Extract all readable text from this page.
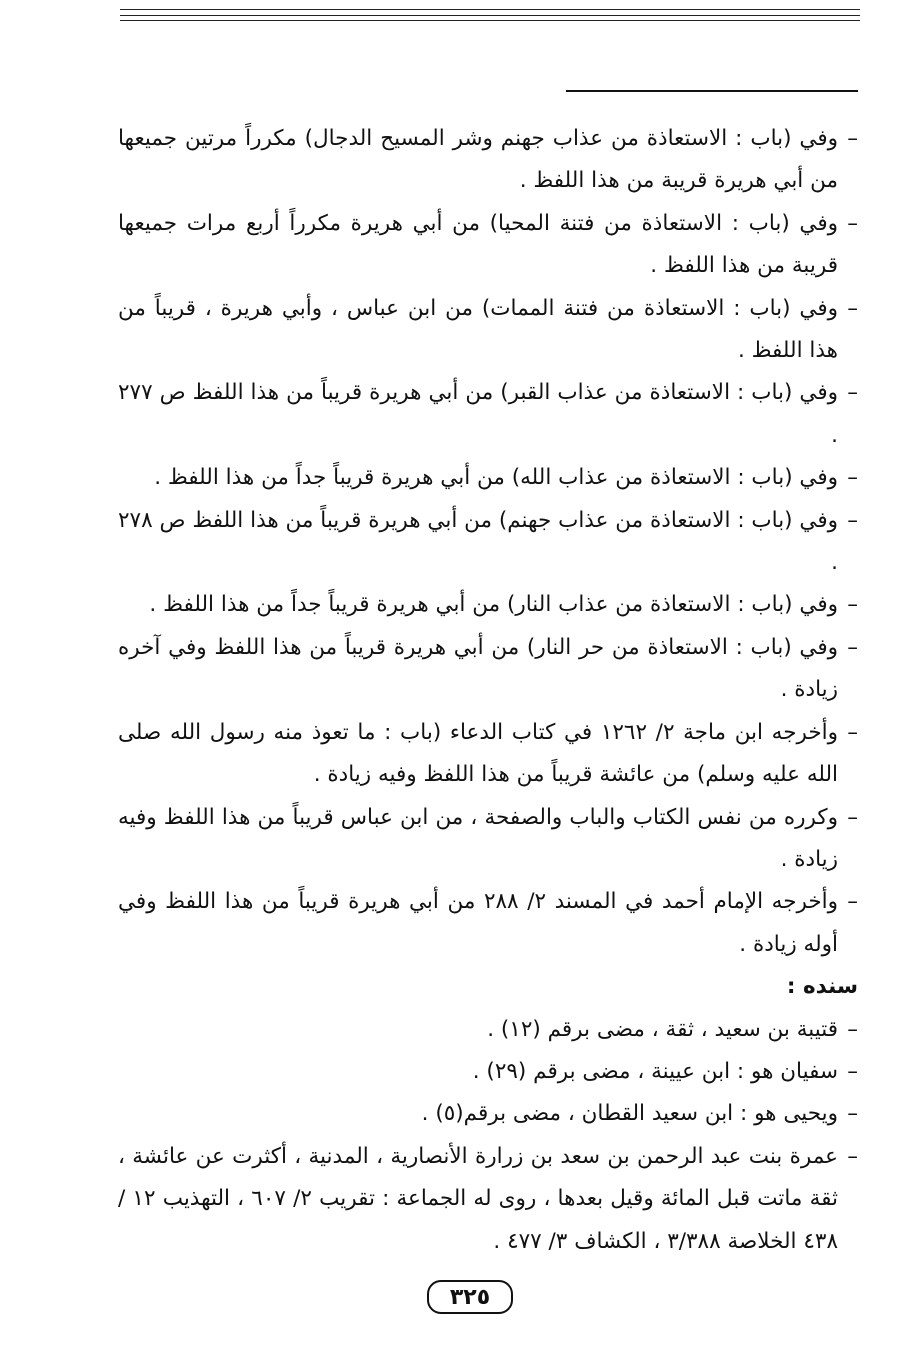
–
وفي (باب : الاستعاذة من عذاب جهنم وشر المسيح الدجال) مكرراً مرتين جميعها من أبي هريرة قريبة من هذا اللفظ .

–
وفي (باب : الاستعاذة من فتنة المحيا) من أبي هريرة مكرراً أربع مرات جميعها قريبة من هذا اللفظ .

–
وفي (باب : الاستعاذة من فتنة الممات) من ابن عباس ، وأبي هريرة ، قريباً من هذا اللفظ .

–
وفي (باب : الاستعاذة من عذاب القبر) من أبي هريرة قريباً من هذا اللفظ ص ٢٧٧ .

–
وفي (باب : الاستعاذة من عذاب الله) من أبي هريرة قريباً جداً من هذا اللفظ .

–
وفي (باب : الاستعاذة من عذاب جهنم) من أبي هريرة قريباً من هذا اللفظ ص ٢٧٨ .

–
وفي (باب : الاستعاذة من عذاب النار) من أبي هريرة قريباً جداً من هذا اللفظ .

–
وفي (باب : الاستعاذة من حر النار) من أبي هريرة قريباً من هذا اللفظ وفي آخره زيادة .

–
وأخرجه ابن ماجة ٢/ ١٢٦٢ في كتاب الدعاء (باب : ما تعوذ منه رسول الله صلى الله عليه وسلم) من عائشة قريباً من هذا اللفظ وفيه زيادة .

–
وكرره من نفس الكتاب والباب والصفحة ، من ابن عباس قريباً من هذا اللفظ وفيه زيادة .

–
وأخرجه الإمام أحمد في المسند ٢/ ٢٨٨ من أبي هريرة قريباً من هذا اللفظ وفي أوله زيادة .

سنده :

–
قتيبة بن سعيد ، ثقة ، مضى برقم (١٢) .

–
سفيان هو : ابن عيينة ، مضى برقم (٢٩) .

–
ويحيى هو : ابن سعيد القطان ، مضى برقم(٥) .

–
عمرة بنت عبد الرحمن بن سعد بن زرارة الأنصارية ، المدنية ، أكثرت عن عائشة ، ثقة ماتت قبل المائة وقيل بعدها ، روى له الجماعة : تقريب ٢/ ٦٠٧ ، التهذيب ١٢ /٤٣٨ الخلاصة ٣/٣٨٨ ، الكشاف ٣/ ٤٧٧ .

٣٢٥
